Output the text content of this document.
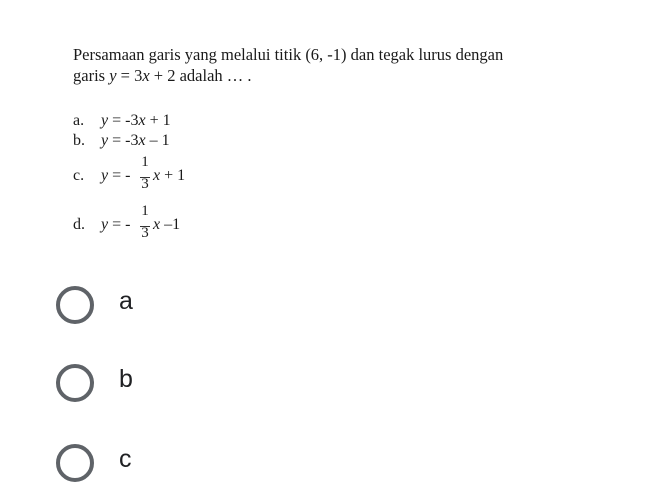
Persamaan garis yang melalui titik (6, -1) dan tegak lurus dengan
garis y = 3x + 2 adalah … .
a. y = -3x + 1
b. y = -3x – 1
c. y = -
1
3 x + 1
d. y = -
1
3 x –1
a
b
c
